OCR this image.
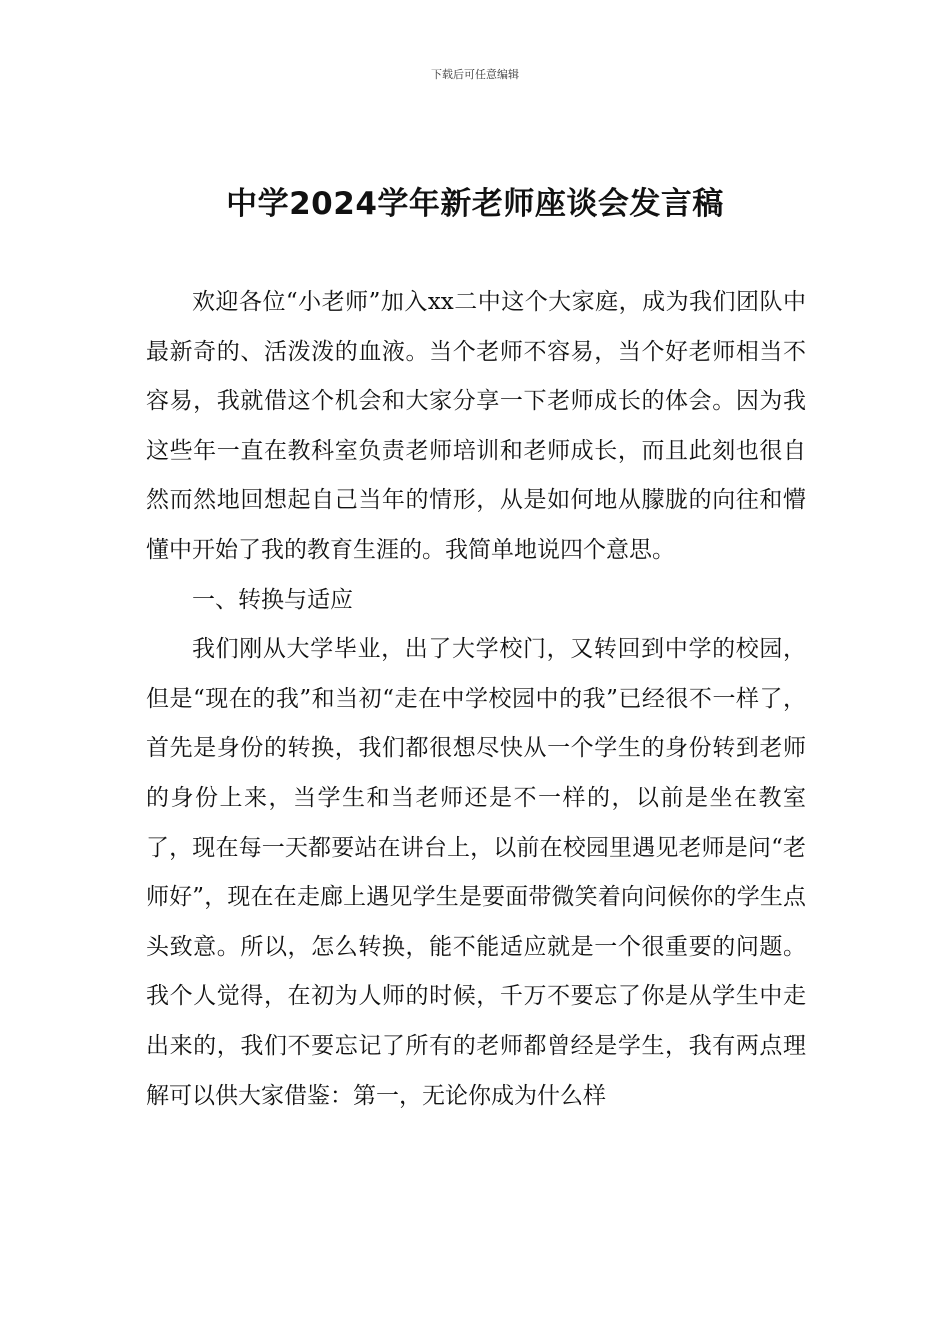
下载后可任意编辑
中学2024学年新老师座谈会发言稿

欢迎各位“小老师”加入xx二中这个大家庭，成为我们团队中最新奇的、活泼泼的血液。当个老师不容易，当个好老师相当不容易，我就借这个机会和大家分享一下老师成长的体会。因为我这些年一直在教科室负责老师培训和老师成长，而且此刻也很自然而然地回想起自己当年的情形，从是如何地从朦胧的向往和懵懂中开始了我的教育生涯的。我简单地说四个意思。

一、转换与适应

我们刚从大学毕业，出了大学校门，又转回到中学的校园，但是“现在的我”和当初“走在中学校园中的我”已经很不一样了，首先是身份的转换，我们都很想尽快从一个学生的身份转到老师的身份上来，当学生和当老师还是不一样的，以前是坐在教室了，现在每一天都要站在讲台上，以前在校园里遇见老师是问“老师好”，现在在走廊上遇见学生是要面带微笑着向问候你的学生点头致意。所以，怎么转换，能不能适应就是一个很重要的问题。我个人觉得，在初为人师的时候，千万不要忘了你是从学生中走出来的，我们不要忘记了所有的老师都曾经是学生，我有两点理解可以供大家借鉴：第一，无论你成为什么样
